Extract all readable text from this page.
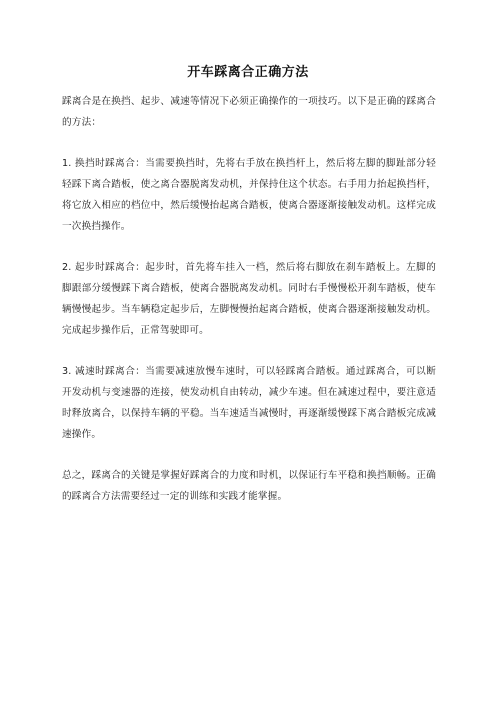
开车踩离合正确方法

踩离合是在换挡、起步、减速等情况下必须正确操作的一项技巧。以下是正确的踩离合的方法：

1. 换挡时踩离合：当需要换挡时，先将右手放在换挡杆上，然后将左脚的脚趾部分轻轻踩下离合踏板，使之离合器脱离发动机，并保持住这个状态。右手用力抬起换挡杆，将它放入相应的档位中，然后缓慢抬起离合踏板，使离合器逐渐接触发动机。这样完成一次换挡操作。

2. 起步时踩离合：起步时，首先将车挂入一档，然后将右脚放在刹车踏板上。左脚的脚跟部分缓慢踩下离合踏板，使离合器脱离发动机。同时右手慢慢松开刹车踏板，使车辆慢慢起步。当车辆稳定起步后，左脚慢慢抬起离合踏板，使离合器逐渐接触发动机。完成起步操作后，正常驾驶即可。

3. 减速时踩离合：当需要减速放慢车速时，可以轻踩离合踏板。通过踩离合，可以断开发动机与变速器的连接，使发动机自由转动，减少车速。但在减速过程中，要注意适时释放离合，以保持车辆的平稳。当车速适当减慢时，再逐渐缓慢踩下离合踏板完成减速操作。

总之，踩离合的关键是掌握好踩离合的力度和时机，以保证行车平稳和换挡顺畅。正确的踩离合方法需要经过一定的训练和实践才能掌握。
